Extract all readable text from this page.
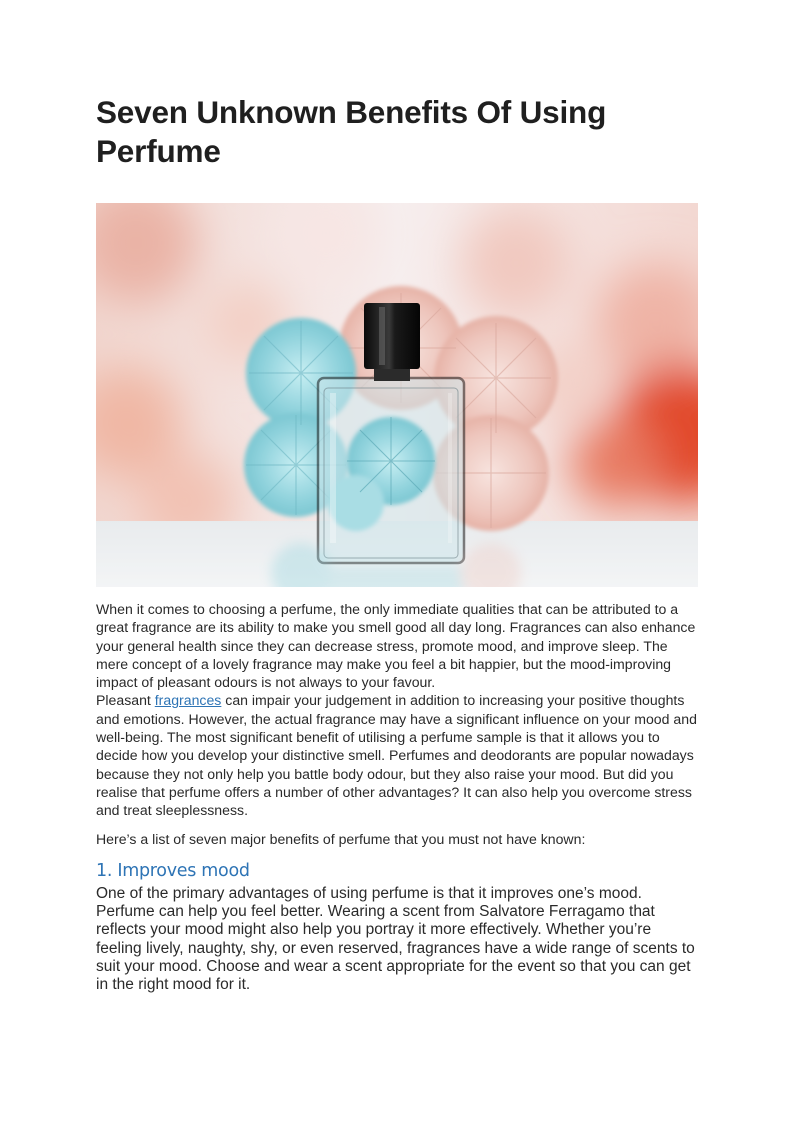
Seven Unknown Benefits Of Using Perfume

When it comes to choosing a perfume, the only immediate qualities that can be attributed to a great fragrance are its ability to make you smell good all day long. Fragrances can also enhance your general health since they can decrease stress, promote mood, and improve sleep. The mere concept of a lovely fragrance may make you feel a bit happier, but the mood-improving impact of pleasant odours is not always to your favour.
Pleasant fragrances can impair your judgement in addition to increasing your positive thoughts and emotions. However, the actual fragrance may have a significant influence on your mood and well-being. The most significant benefit of utilising a perfume sample is that it allows you to decide how you develop your distinctive smell. Perfumes and deodorants are popular nowadays because they not only help you battle body odour, but they also raise your mood. But did you realise that perfume offers a number of other advantages? It can also help you overcome stress and treat sleeplessness.

Here’s a list of seven major benefits of perfume that you must not have known:

1. Improves mood

One of the primary advantages of using perfume is that it improves one’s mood. Perfume can help you feel better. Wearing a scent from Salvatore Ferragamo that reflects your mood might also help you portray it more effectively. Whether you’re feeling lively, naughty, shy, or even reserved, fragrances have a wide range of scents to suit your mood. Choose and wear a scent appropriate for the event so that you can get in the right mood for it.
